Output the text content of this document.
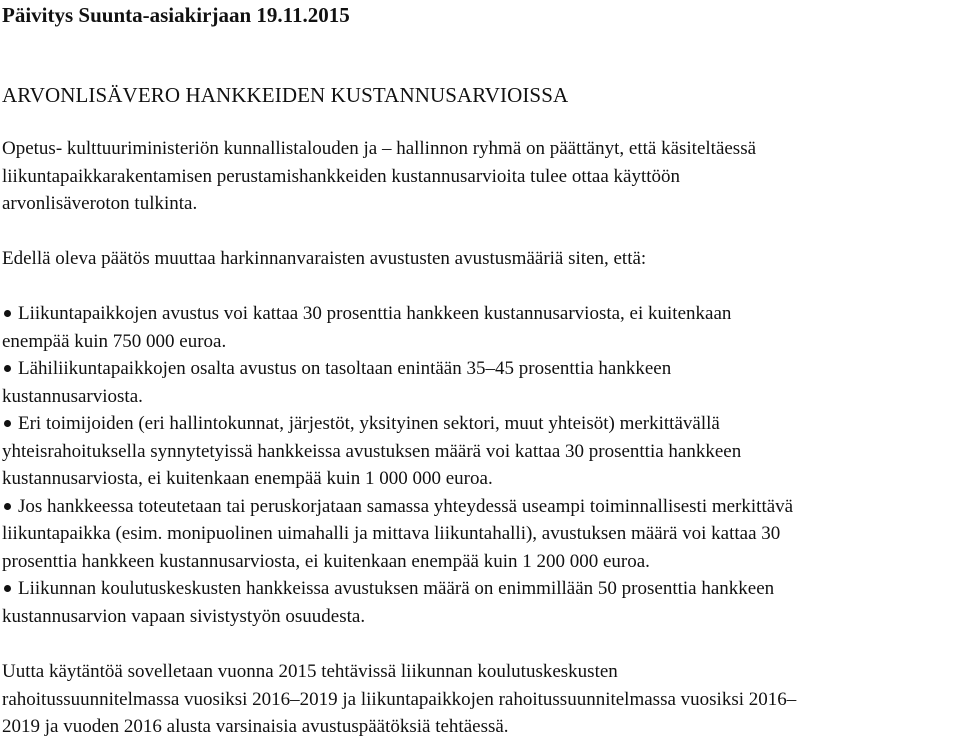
Päivitys Suunta-asiakirjaan 19.11.2015
ARVONLISÄVERO HANKKEIDEN KUSTANNUSARVIOISSA

Opetus- kulttuuriministeriön kunnallistalouden ja – hallinnon ryhmä on päättänyt, että käsiteltäessä
liikuntapaikkarakentamisen perustamishankkeiden kustannusarvioita tulee ottaa käyttöön
arvonlisäveroton tulkinta.

Edellä oleva päätös muuttaa harkinnanvaraisten avustusten avustusmääriä siten, että:

Liikuntapaikkojen avustus voi kattaa 30 prosenttia hankkeen kustannusarviosta, ei kuitenkaan
enempää kuin 750 000 euroa.
Lähiliikuntapaikkojen osalta avustus on tasoltaan enintään 35–45 prosenttia hankkeen
kustannusarviosta.
Eri toimijoiden (eri hallintokunnat, järjestöt, yksityinen sektori, muut yhteisöt) merkittävällä
yhteisrahoituksella synnytetyissä hankkeissa avustuksen määrä voi kattaa 30 prosenttia hankkeen
kustannusarviosta, ei kuitenkaan enempää kuin 1 000 000 euroa.
Jos hankkeessa toteutetaan tai peruskorjataan samassa yhteydessä useampi toiminnallisesti merkittävä
liikuntapaikka (esim. monipuolinen uimahalli ja mittava liikuntahalli), avustuksen määrä voi kattaa 30
prosenttia hankkeen kustannusarviosta, ei kuitenkaan enempää kuin 1 200 000 euroa.
Liikunnan koulutuskeskusten hankkeissa avustuksen määrä on enimmillään 50 prosenttia hankkeen
kustannusarvion vapaan sivistystyön osuudesta.

Uutta käytäntöä sovelletaan vuonna 2015 tehtävissä liikunnan koulutuskeskusten
rahoitussuunnitelmassa vuosiksi 2016–2019 ja liikuntapaikkojen rahoitussuunnitelmassa vuosiksi 2016–
2019 ja vuoden 2016 alusta varsinaisia avustuspäätöksiä tehtäessä.
